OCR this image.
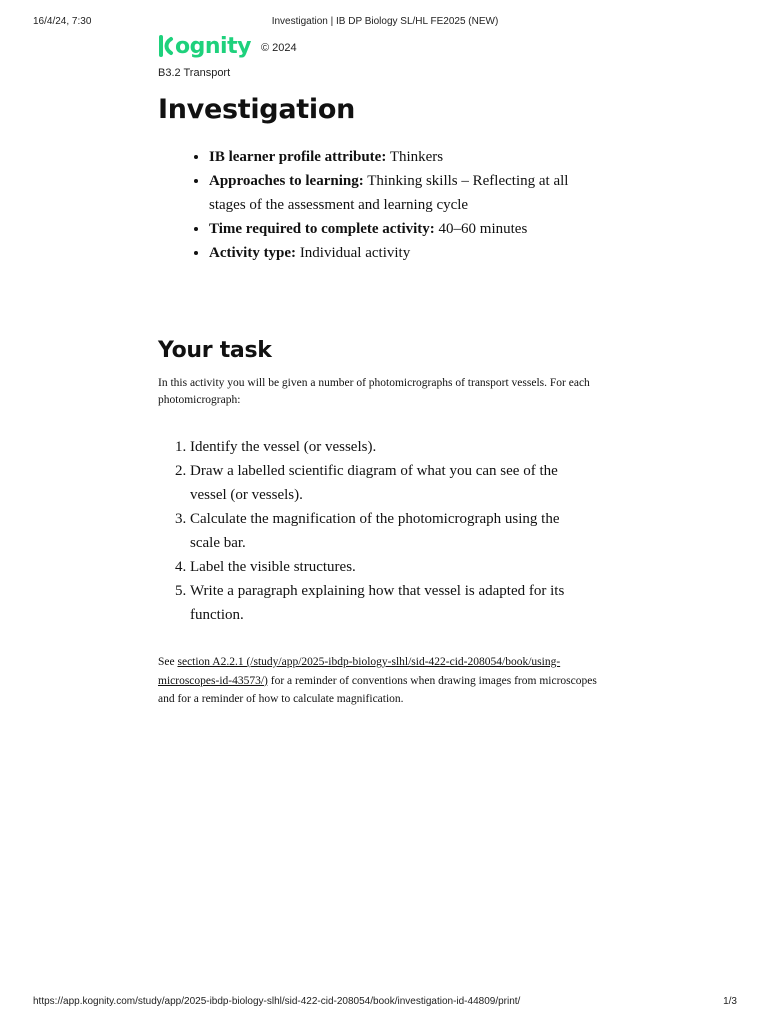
16/4/24, 7:30	Investigation | IB DP Biology SL/HL FE2025 (NEW)
ognity © 2024
B3.2 Transport
Investigation
• IB learner profile attribute: Thinkers
• Approaches to learning: Thinking skills – Reflecting at all stages of the assessment and learning cycle
• Time required to complete activity: 40–60 minutes
• Activity type: Individual activity
Your task

In this activity you will be given a number of photomicrographs of transport vessels. For each photomicrograph:

1. Identify the vessel (or vessels).
2. Draw a labelled scientific diagram of what you can see of the vessel (or vessels).
3. Calculate the magnification of the photomicrograph using the scale bar.
4. Label the visible structures.
5. Write a paragraph explaining how that vessel is adapted for its function.

See section A2.2.1 (/study/app/2025-ibdp-biology-slhl/sid-422-cid-208054/book/using-microscopes-id-43573/) for a reminder of conventions when drawing images from microscopes and for a reminder of how to calculate magnification.

https://app.kognity.com/study/app/2025-ibdp-biology-slhl/sid-422-cid-208054/book/investigation-id-44809/print/	1/3
